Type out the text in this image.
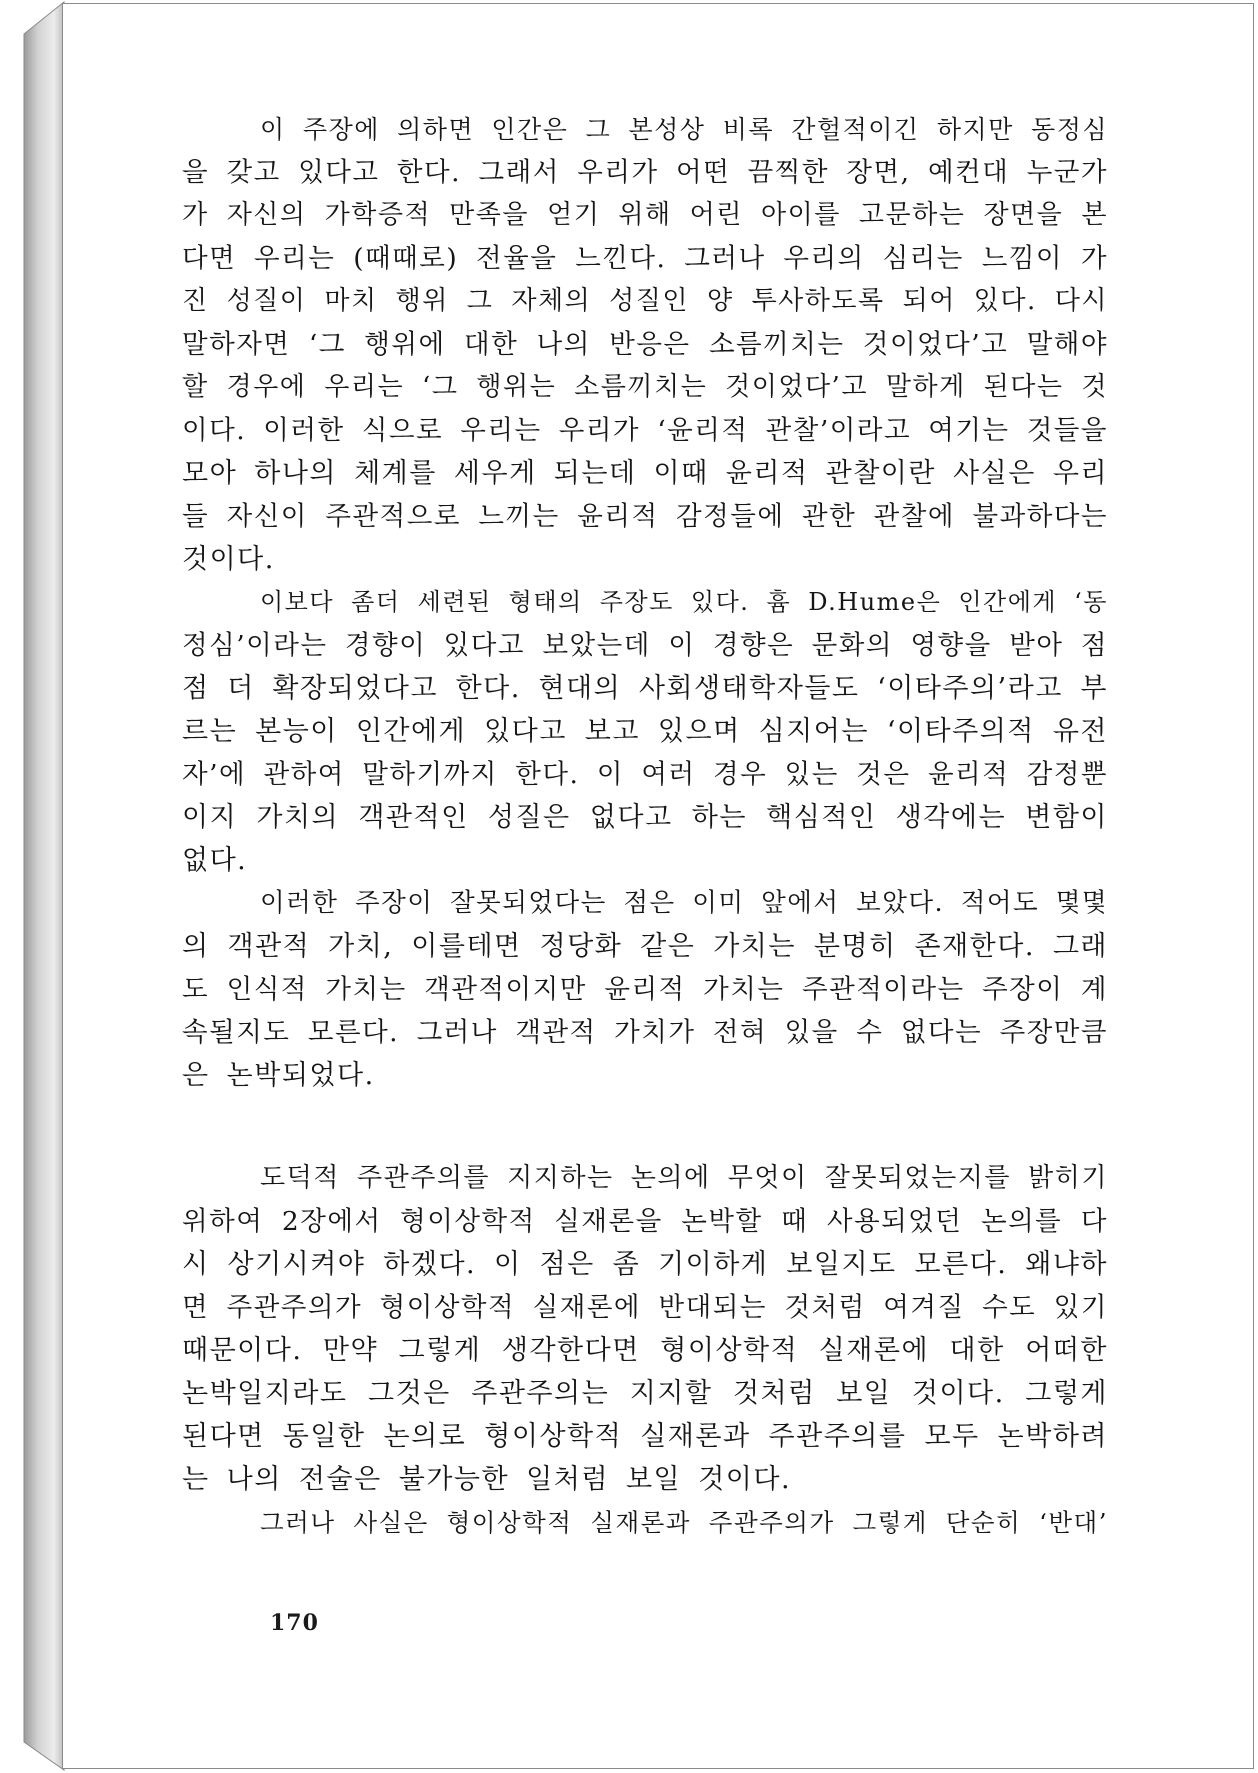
이 주장에 의하면 인간은 그 본성상 비록 간헐적이긴 하지만 동정심
을 갖고 있다고 한다. 그래서 우리가 어떤 끔찍한 장면, 예컨대 누군가
가 자신의 가학증적 만족을 얻기 위해 어린 아이를 고문하는 장면을 본
다면 우리는 (때때로) 전율을 느낀다. 그러나 우리의 심리는 느낌이 가
진 성질이 마치 행위 그 자체의 성질인 양 투사하도록 되어 있다. 다시
말하자면 ‘그 행위에 대한 나의 반응은 소름끼치는 것이었다’고 말해야
할 경우에 우리는 ‘그 행위는 소름끼치는 것이었다’고 말하게 된다는 것
이다. 이러한 식으로 우리는 우리가 ‘윤리적 관찰’이라고 여기는 것들을
모아 하나의 체계를 세우게 되는데 이때 윤리적 관찰이란 사실은 우리
들 자신이 주관적으로 느끼는 윤리적 감정들에 관한 관찰에 불과하다는
것이다.
이보다 좀더 세련된 형태의 주장도 있다. 흄 D.Hume은 인간에게 ‘동
정심’이라는 경향이 있다고 보았는데 이 경향은 문화의 영향을 받아 점
점 더 확장되었다고 한다. 현대의 사회생태학자들도 ‘이타주의’라고 부
르는 본능이 인간에게 있다고 보고 있으며 심지어는 ‘이타주의적 유전
자’에 관하여 말하기까지 한다. 이 여러 경우 있는 것은 윤리적 감정뿐
이지 가치의 객관적인 성질은 없다고 하는 핵심적인 생각에는 변함이
없다.
이러한 주장이 잘못되었다는 점은 이미 앞에서 보았다. 적어도 몇몇
의 객관적 가치, 이를테면 정당화 같은 가치는 분명히 존재한다. 그래
도 인식적 가치는 객관적이지만 윤리적 가치는 주관적이라는 주장이 계
속될지도 모른다. 그러나 객관적 가치가 전혀 있을 수 없다는 주장만큼
은 논박되었다.
도덕적 주관주의를 지지하는 논의에 무엇이 잘못되었는지를 밝히기
위하여 2장에서 형이상학적 실재론을 논박할 때 사용되었던 논의를 다
시 상기시켜야 하겠다. 이 점은 좀 기이하게 보일지도 모른다. 왜냐하
면 주관주의가 형이상학적 실재론에 반대되는 것처럼 여겨질 수도 있기
때문이다. 만약 그렇게 생각한다면 형이상학적 실재론에 대한 어떠한
논박일지라도 그것은 주관주의는 지지할 것처럼 보일 것이다. 그렇게
된다면 동일한 논의로 형이상학적 실재론과 주관주의를 모두 논박하려
는 나의 전술은 불가능한 일처럼 보일 것이다.
그러나 사실은 형이상학적 실재론과 주관주의가 그렇게 단순히 ‘반대’
170
